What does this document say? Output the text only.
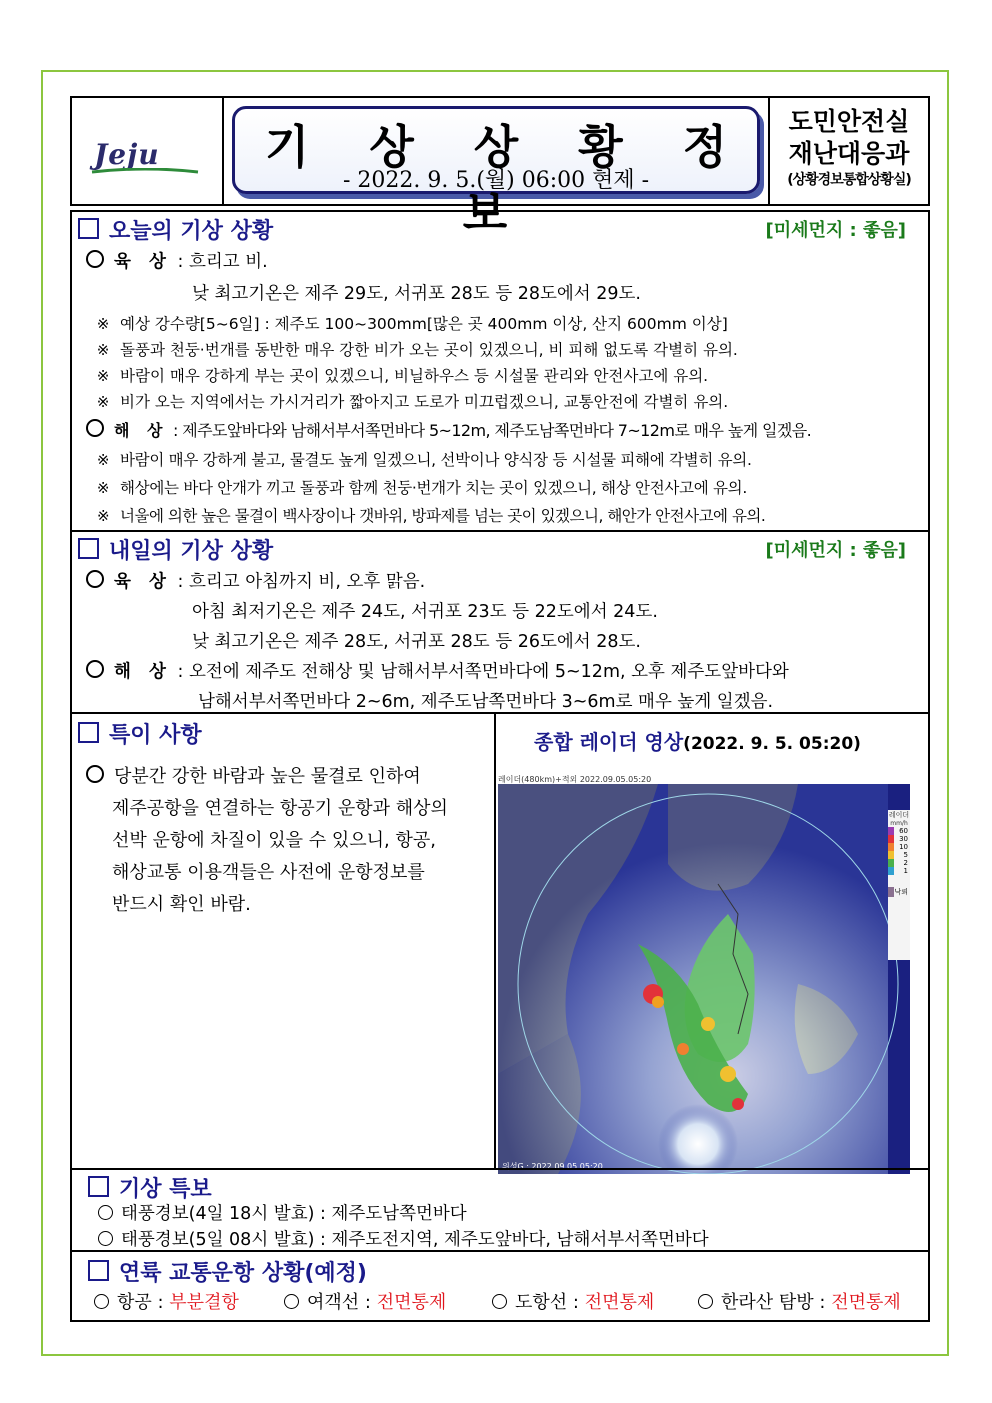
Jeju	기 상 상 황 정 보
- 2022. 9. 5.(월) 06:00 현제 -
도민안전실
재난대응과
(상황경보통합상황실)
오늘의 기상 상황	[미세먼지 : 좋음]
육 상 : 흐리고 비.
낮 최고기온은 제주 29도, 서귀포 28도 등 28도에서 29도.
※ 예상 강수량[5~6일] : 제주도 100~300mm[많은 곳 400mm 이상, 산지 600mm 이상]
※ 돌풍과 천둥·번개를 동반한 매우 강한 비가 오는 곳이 있겠으니, 비 피해 없도록 각별히 유의.
※ 바람이 매우 강하게 부는 곳이 있겠으니, 비닐하우스 등 시설물 관리와 안전사고에 유의.
※ 비가 오는 지역에서는 가시거리가 짧아지고 도로가 미끄럽겠으니, 교통안전에 각별히 유의.
해 상 : 제주도앞바다와 남해서부서쪽먼바다 5~12m, 제주도남쪽먼바다 7~12m로 매우 높게 일겠음.
※ 바람이 매우 강하게 불고, 물결도 높게 일겠으니, 선박이나 양식장 등 시설물 피해에 각별히 유의.
※ 해상에는 바다 안개가 끼고 돌풍과 함께 천둥·번개가 치는 곳이 있겠으니, 해상 안전사고에 유의.
※ 너울에 의한 높은 물결이 백사장이나 갯바위, 방파제를 넘는 곳이 있겠으니, 해안가 안전사고에 유의.
내일의 기상 상황	[미세먼지 : 좋음]
육 상 : 흐리고 아침까지 비, 오후 맑음.
아침 최저기온은 제주 24도, 서귀포 23도 등 22도에서 24도.
낮 최고기온은 제주 28도, 서귀포 28도 등 26도에서 28도.
해 상 : 오전에 제주도 전해상 및 남해서부서쪽먼바다에 5~12m, 오후 제주도앞바다와
남해서부서쪽먼바다 2~6m, 제주도남쪽먼바다 3~6m로 매우 높게 일겠음.
특이 사항
당분간 강한 바람과 높은 물결로 인하여
제주공항을 연결하는 항공기 운항과 해상의
선박 운항에 차질이 있을 수 있으니, 항공,
해상교통 이용객들은 사전에 운항정보를
반드시 확인 바람.
종합 레이더 영상(2022. 9. 5. 05:20)
레이더(480km)+적외 2022.09.05.05:20
레이더
mm/h
60
30
10
5
2
1
낙뢰
위성G : 2022.09.05.05:20
기상 특보
태풍경보(4일 18시 발효) : 제주도남쪽먼바다
태풍경보(5일 08시 발효) : 제주도전지역, 제주도앞바다, 남해서부서쪽먼바다
연륙 교통운항 상황(예정)
항공 : 부분결항	여객선 : 전면통제	도항선 : 전면통제	한라산 탐방 : 전면통제
